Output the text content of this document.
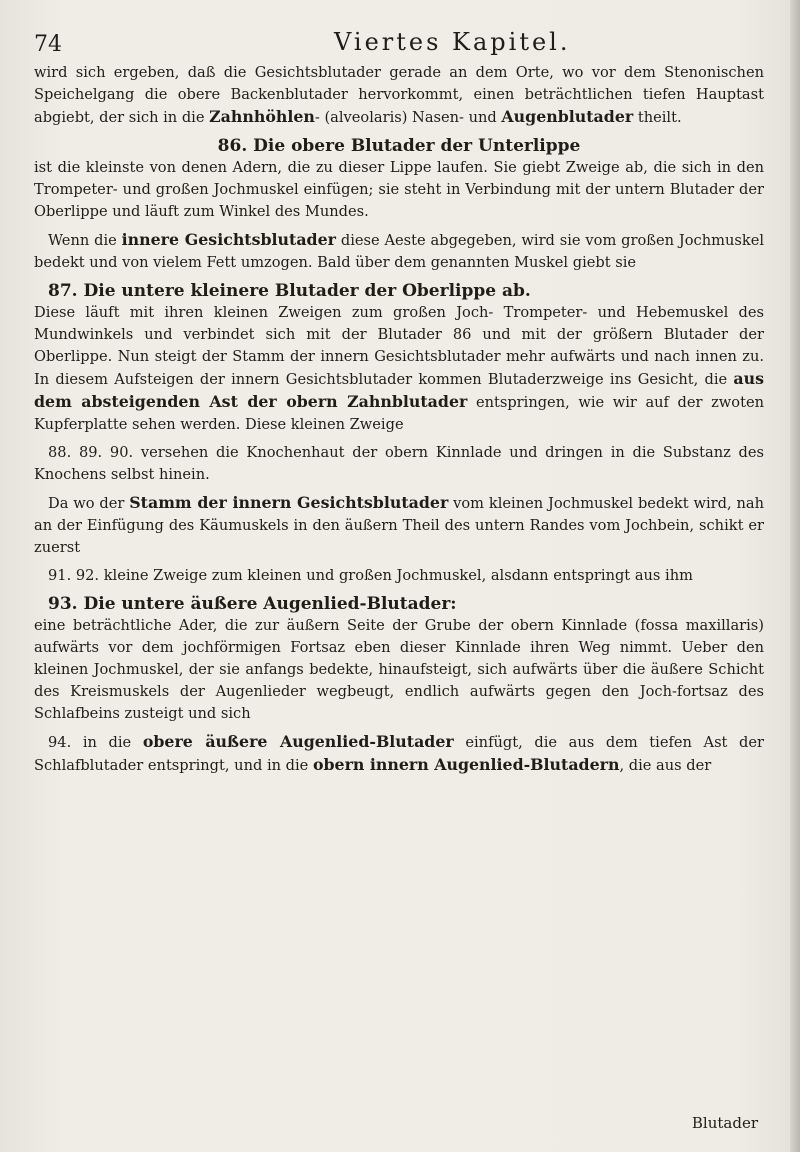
74	Viertes Kapitel.

wird sich ergeben, daß die Gesichtsblutader gerade an dem Orte, wo vor dem Stenonischen Speichelgang die obere Backenblutader hervorkommt, einen beträchtlichen tiefen Hauptast abgiebt, der sich in die Zahnhöhlen- (alveolaris) Nasen- und Augenblutader theilt.

86. Die obere Blutader der Unterlippe

ist die kleinste von denen Adern, die zu dieser Lippe laufen. Sie giebt Zweige ab, die sich in den Trompeter- und großen Jochmuskel einfügen; sie steht in Verbindung mit der untern Blutader der Oberlippe und läuft zum Winkel des Mundes.

Wenn die innere Gesichtsblutader diese Aeste abgegeben, wird sie vom großen Jochmuskel bedekt und von vielem Fett umzogen. Bald über dem genannten Muskel giebt sie

87. Die untere kleinere Blutader der Oberlippe ab.

Diese läuft mit ihren kleinen Zweigen zum großen Joch- Trompeter- und Hebemuskel des Mundwinkels und verbindet sich mit der Blutader 86 und mit der größern Blutader der Oberlippe. Nun steigt der Stamm der innern Gesichtsblutader mehr aufwärts und nach innen zu. In diesem Aufsteigen der innern Gesichtsblutader kommen Blutaderzweige ins Gesicht, die aus dem absteigenden Ast der obern Zahnblutader entspringen, wie wir auf der zwoten Kupferplatte sehen werden. Diese kleinen Zweige

88. 89. 90. versehen die Knochenhaut der obern Kinnlade und dringen in die Substanz des Knochens selbst hinein.

Da wo der Stamm der innern Gesichtsblutader vom kleinen Jochmuskel bedekt wird, nah an der Einfügung des Käumuskels in den äußern Theil des untern Randes vom Jochbein, schikt er zuerst

91. 92. kleine Zweige zum kleinen und großen Jochmuskel, alsdann entspringt aus ihm

93. Die untere äußere Augenlied-Blutader:

eine beträchtliche Ader, die zur äußern Seite der Grube der obern Kinnlade (fossa maxillaris) aufwärts vor dem jochförmigen Fortsaz eben dieser Kinnlade ihren Weg nimmt. Ueber den kleinen Jochmuskel, der sie anfangs bedekte, hinaufsteigt, sich aufwärts über die äußere Schicht des Kreismuskels der Augenlieder wegbeugt, endlich aufwärts gegen den Joch-fortsaz des Schlafbeins zusteigt und sich

94. in die obere äußere Augenlied-Blutader einfügt, die aus dem tiefen Ast der Schlafblutader entspringt, und in die obern innern Augenlied-Blutadern, die aus der

Blutader
